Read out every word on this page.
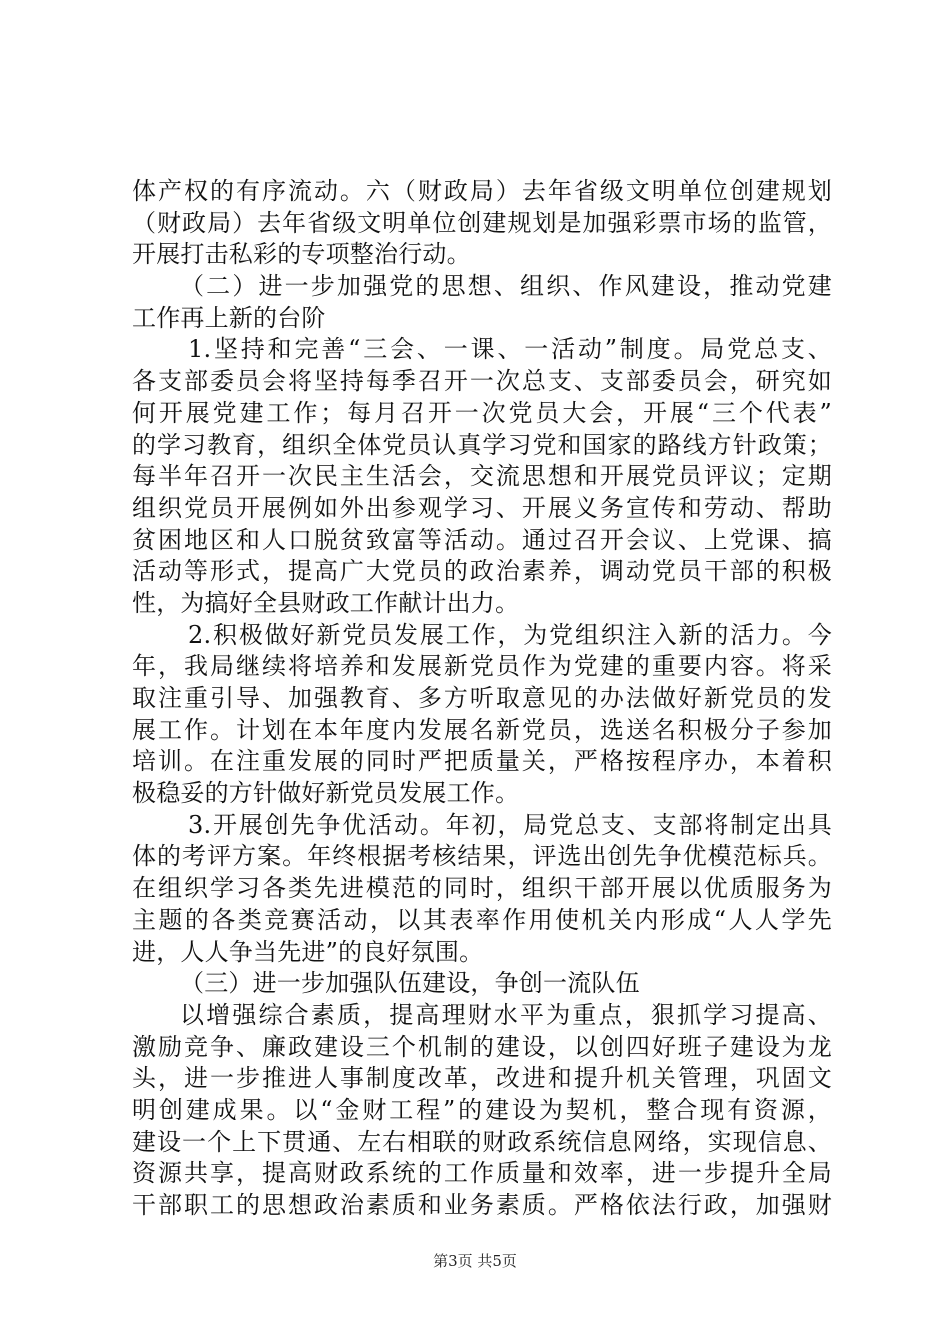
体产权的有序流动。六（财政局）去年省级文明单位创建规划
（财政局）去年省级文明单位创建规划是加强彩票市场的监管，
开展打击私彩的专项整治行动。
（二）进一步加强党的思想、组织、作风建设，推动党建
工作再上新的台阶
1.坚持和完善“三会、一课、一活动”制度。局党总支、
各支部委员会将坚持每季召开一次总支、支部委员会，研究如
何开展党建工作；每月召开一次党员大会，开展“三个代表”
的学习教育，组织全体党员认真学习党和国家的路线方针政策；
每半年召开一次民主生活会，交流思想和开展党员评议；定期
组织党员开展例如外出参观学习、开展义务宣传和劳动、帮助
贫困地区和人口脱贫致富等活动。通过召开会议、上党课、搞
活动等形式，提高广大党员的政治素养，调动党员干部的积极
性，为搞好全县财政工作献计出力。
2.积极做好新党员发展工作，为党组织注入新的活力。今
年，我局继续将培养和发展新党员作为党建的重要内容。将采
取注重引导、加强教育、多方听取意见的办法做好新党员的发
展工作。计划在本年度内发展名新党员，选送名积极分子参加
培训。在注重发展的同时严把质量关，严格按程序办，本着积
极稳妥的方针做好新党员发展工作。
3.开展创先争优活动。年初，局党总支、支部将制定出具
体的考评方案。年终根据考核结果，评选出创先争优模范标兵。
在组织学习各类先进模范的同时，组织干部开展以优质服务为
主题的各类竞赛活动，以其表率作用使机关内形成“人人学先
进，人人争当先进”的良好氛围。
（三）进一步加强队伍建设，争创一流队伍
以增强综合素质，提高理财水平为重点，狠抓学习提高、
激励竞争、廉政建设三个机制的建设，以创四好班子建设为龙
头，进一步推进人事制度改革，改进和提升机关管理，巩固文
明创建成果。以“金财工程”的建设为契机，整合现有资源，
建设一个上下贯通、左右相联的财政系统信息网络，实现信息、
资源共享，提高财政系统的工作质量和效率，进一步提升全局
干部职工的思想政治素质和业务素质。严格依法行政，加强财
第3页 共5页
